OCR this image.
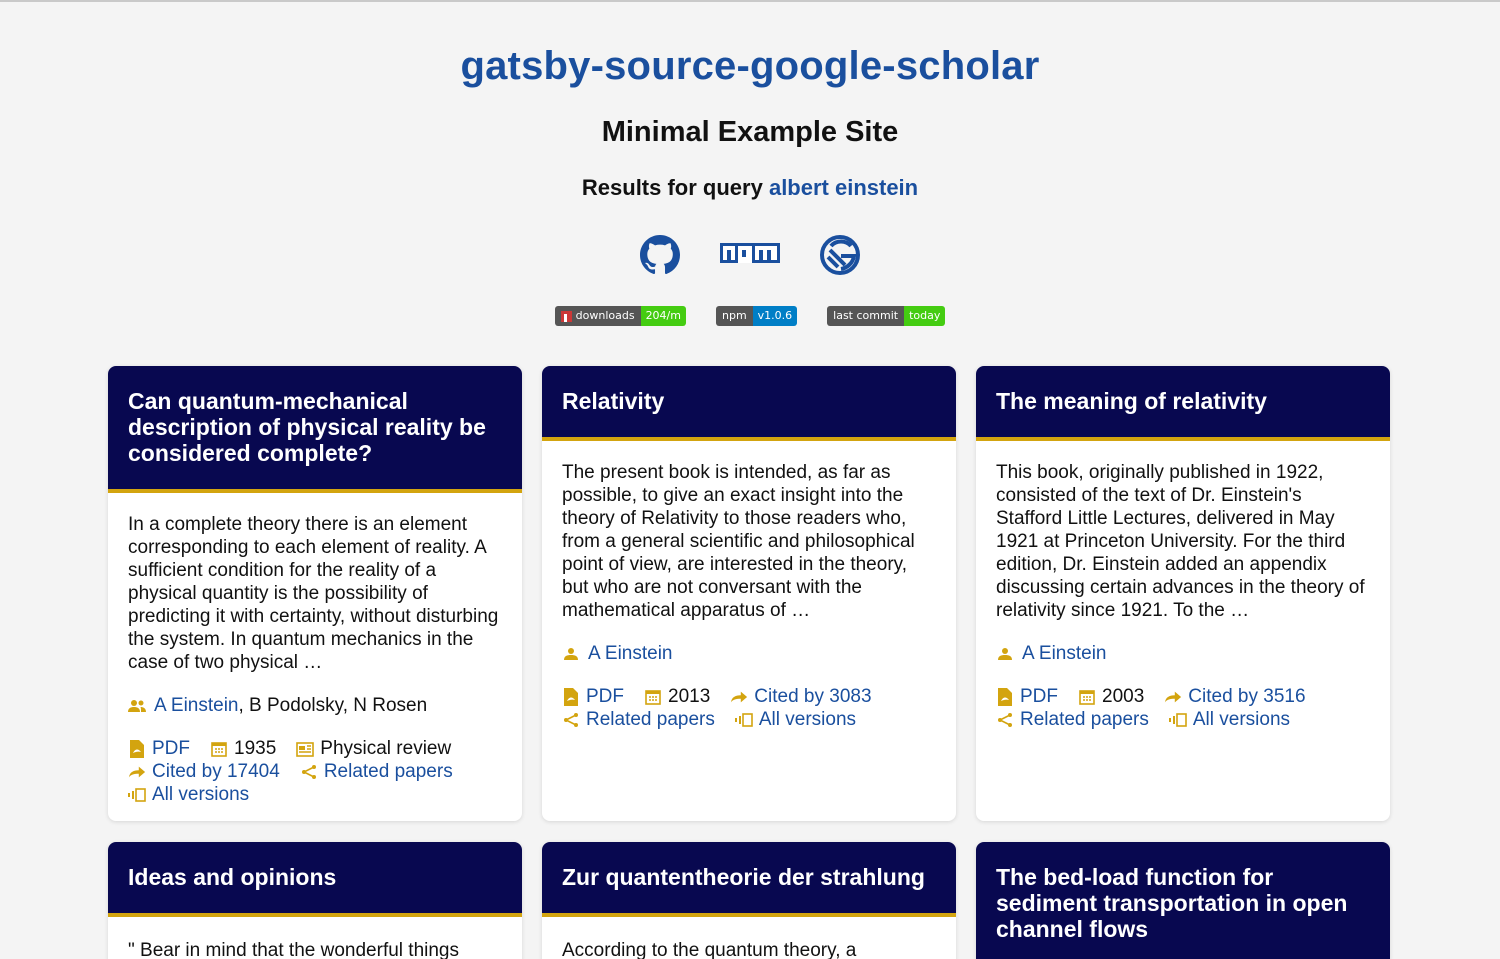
gatsby-source-google-scholar
Minimal Example Site
Results for query albert einstein
downloads	204/m	npm	v1.0.6	last commit	today
Can quantum-mechanical description of physical reality be considered complete?
In a complete theory there is an element corresponding to each element of reality. A sufficient condition for the reality of a physical quantity is the possibility of predicting it with certainty, without disturbing the system. In quantum mechanics in the case of two physical …
A Einstein , B Podolsky, N Rosen
PDF 1935 Physical review
Cited by 17404 Related papers
All versions
Relativity
The present book is intended, as far as possible, to give an exact insight into the theory of Relativity to those readers who, from a general scientific and philosophical point of view, are interested in the theory, but who are not conversant with the mathematical apparatus of …
A Einstein
PDF 2013 Cited by 3083
Related papers All versions
The meaning of relativity
This book, originally published in 1922, consisted of the text of Dr. Einstein's Stafford Little Lectures, delivered in May 1921 at Princeton University. For the third edition, Dr. Einstein added an appendix discussing certain advances in the theory of relativity since 1921. To the …
A Einstein
PDF 2003 Cited by 3516
Related papers All versions
Ideas and opinions
" Bear in mind that the wonderful things
Zur quantentheorie der strahlung
According to the quantum theory, a
The bed-load function for sediment transportation in open channel flows
